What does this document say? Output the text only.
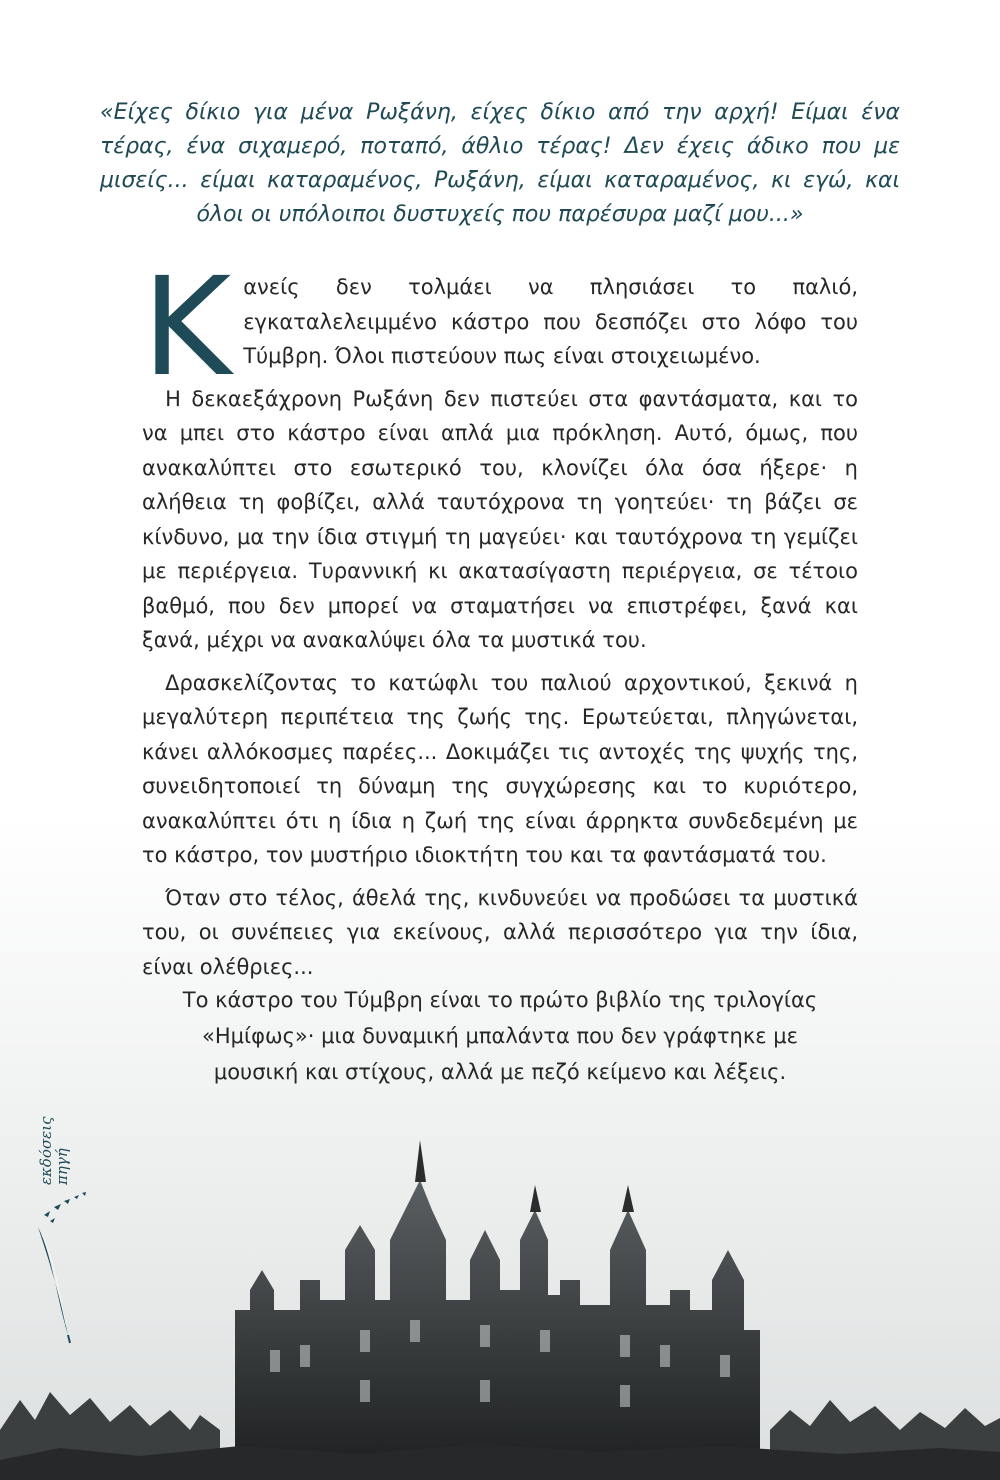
«Είχες δίκιο για μένα Ρωξάνη, είχες δίκιο από την αρχή! Είμαι ένα τέρας, ένα σιχαμερό, ποταπό, άθλιο τέρας! Δεν έχεις άδικο που με μισείς... είμαι καταραμένος, Ρωξάνη, είμαι καταραμένος, κι εγώ, και όλοι οι υπόλοιποι δυστυχείς που παρέσυρα μαζί μου...»

Κανείς δεν τολμάει να πλησιάσει το παλιό, εγκαταλελειμμένο κάστρο που δεσπόζει στο λόφο του Τύμβρη. Όλοι πιστεύουν πως είναι στοιχειωμένο.

Η δεκαεξάχρονη Ρωξάνη δεν πιστεύει στα φαντάσματα, και το να μπει στο κάστρο είναι απλά μια πρόκληση. Αυτό, όμως, που ανακαλύπτει στο εσωτερικό του, κλονίζει όλα όσα ήξερε· η αλήθεια τη φοβίζει, αλλά ταυτόχρονα τη γοητεύει· τη βάζει σε κίνδυνο, μα την ίδια στιγμή τη μαγεύει· και ταυτόχρονα τη γεμίζει με περιέργεια. Τυραννική κι ακατασίγαστη περιέργεια, σε τέτοιο βαθμό, που δεν μπορεί να σταματήσει να επιστρέφει, ξανά και ξανά, μέχρι να ανακαλύψει όλα τα μυστικά του.

Δρασκελίζοντας το κατώφλι του παλιού αρχοντικού, ξεκινά η μεγαλύτερη περιπέτεια της ζωής της. Ερωτεύεται, πληγώνεται, κάνει αλλόκοσμες παρέες... Δοκιμάζει τις αντοχές της ψυχής της, συνειδητοποιεί τη δύναμη της συγχώρεσης και το κυριότερο, ανακαλύπτει ότι η ίδια η ζωή της είναι άρρηκτα συνδεδεμένη με το κάστρο, τον μυστήριο ιδιοκτήτη του και τα φαντάσματά του.

Όταν στο τέλος, άθελά της, κινδυνεύει να προδώσει τα μυστικά του, οι συνέπειες για εκείνους, αλλά περισσότερο για την ίδια, είναι ολέθριες...

Το κάστρο του Τύμβρη είναι το πρώτο βιβλίο της τριλογίας «Ημίφως»· μια δυναμική μπαλάντα που δεν γράφτηκε με μουσική και στίχους, αλλά με πεζό κείμενο και λέξεις.

εκδόσεις
πηγή
